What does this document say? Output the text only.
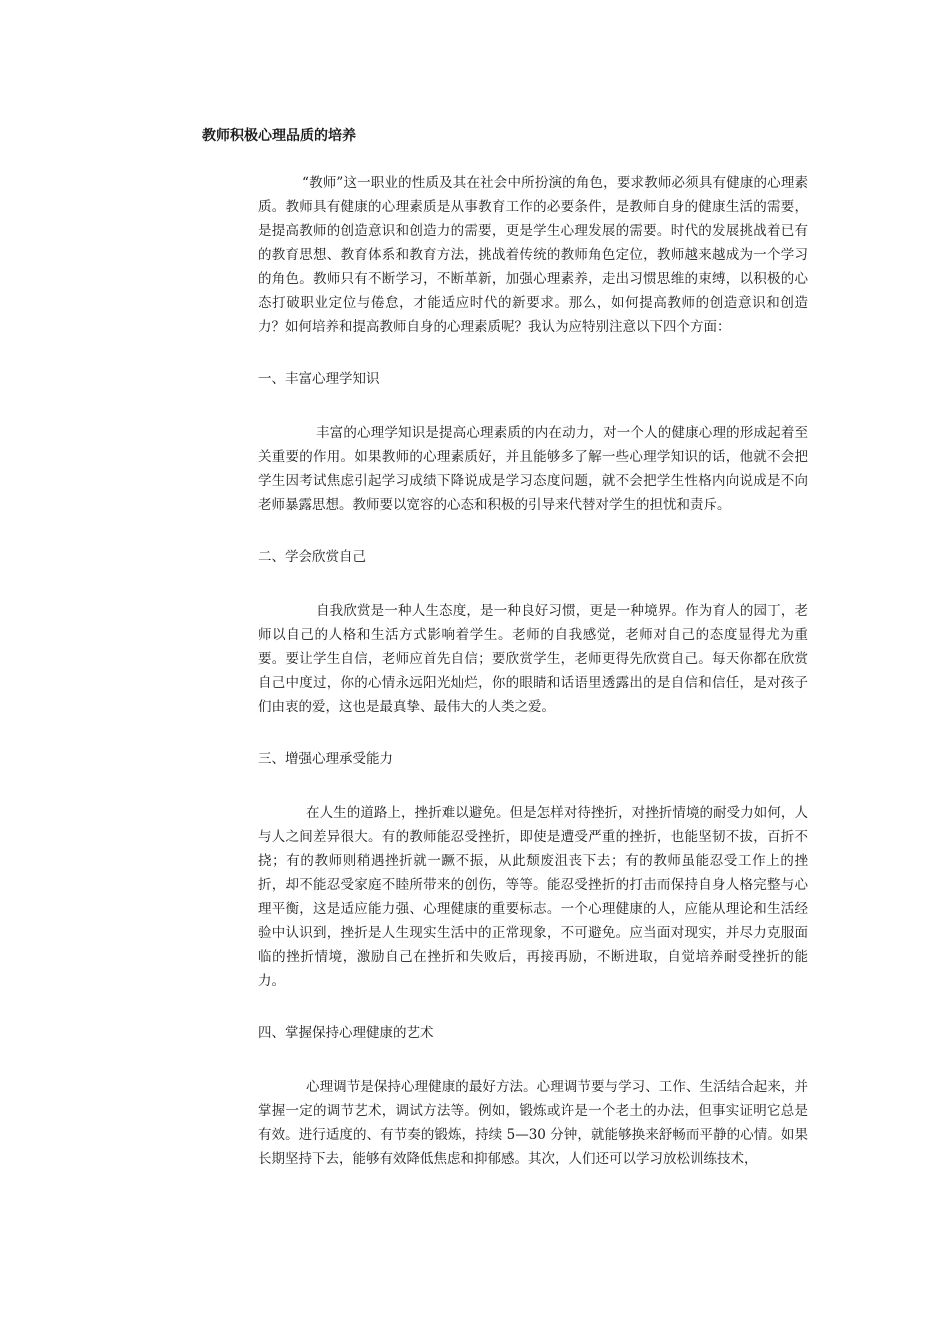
教师积极心理品质的培养

“教师”这一职业的性质及其在社会中所扮演的角色，要求教师必须具有健康的心理素质。教师具有健康的心理素质是从事教育工作的必要条件，是教师自身的健康生活的需要，是提高教师的创造意识和创造力的需要，更是学生心理发展的需要。时代的发展挑战着已有的教育思想、教育体系和教育方法，挑战着传统的教师角色定位，教师越来越成为一个学习的角色。教师只有不断学习，不断革新，加强心理素养，走出习惯思维的束缚，以积极的心态打破职业定位与倦怠，才能适应时代的新要求。那么，如何提高教师的创造意识和创造力？如何培养和提高教师自身的心理素质呢？我认为应特别注意以下四个方面：

一、丰富心理学知识

丰富的心理学知识是提高心理素质的内在动力，对一个人的健康心理的形成起着至关重要的作用。如果教师的心理素质好，并且能够多了解一些心理学知识的话，他就不会把学生因考试焦虑引起学习成绩下降说成是学习态度问题，就不会把学生性格内向说成是不向老师暴露思想。教师要以宽容的心态和积极的引导来代替对学生的担忧和责斥。

二、学会欣赏自己

自我欣赏是一种人生态度，是一种良好习惯，更是一种境界。作为育人的园丁，老师以自己的人格和生活方式影响着学生。老师的自我感觉，老师对自己的态度显得尤为重要。要让学生自信，老师应首先自信；要欣赏学生，老师更得先欣赏自己。每天你都在欣赏自己中度过，你的心情永远阳光灿烂，你的眼睛和话语里透露出的是自信和信任，是对孩子们由衷的爱，这也是最真挚、最伟大的人类之爱。

三、增强心理承受能力

在人生的道路上，挫折难以避免。但是怎样对待挫折，对挫折情境的耐受力如何，人与人之间差异很大。有的教师能忍受挫折，即使是遭受严重的挫折，也能坚韧不拔，百折不挠；有的教师则稍遇挫折就一蹶不振，从此颓废沮丧下去；有的教师虽能忍受工作上的挫折，却不能忍受家庭不睦所带来的创伤，等等。能忍受挫折的打击而保持自身人格完整与心理平衡，这是适应能力强、心理健康的重要标志。一个心理健康的人，应能从理论和生活经验中认识到，挫折是人生现实生活中的正常现象，不可避免。应当面对现实，并尽力克服面临的挫折情境，激励自己在挫折和失败后，再接再励，不断进取，自觉培养耐受挫折的能力。

四、掌握保持心理健康的艺术

心理调节是保持心理健康的最好方法。心理调节要与学习、工作、生活结合起来，并掌握一定的调节艺术，调试方法等。例如，锻炼或许是一个老土的办法，但事实证明它总是有效。进行适度的、有节奏的锻炼，持续 5—30 分钟，就能够换来舒畅而平静的心情。如果长期坚持下去，能够有效降低焦虑和抑郁感。其次，人们还可以学习放松训练技术，
